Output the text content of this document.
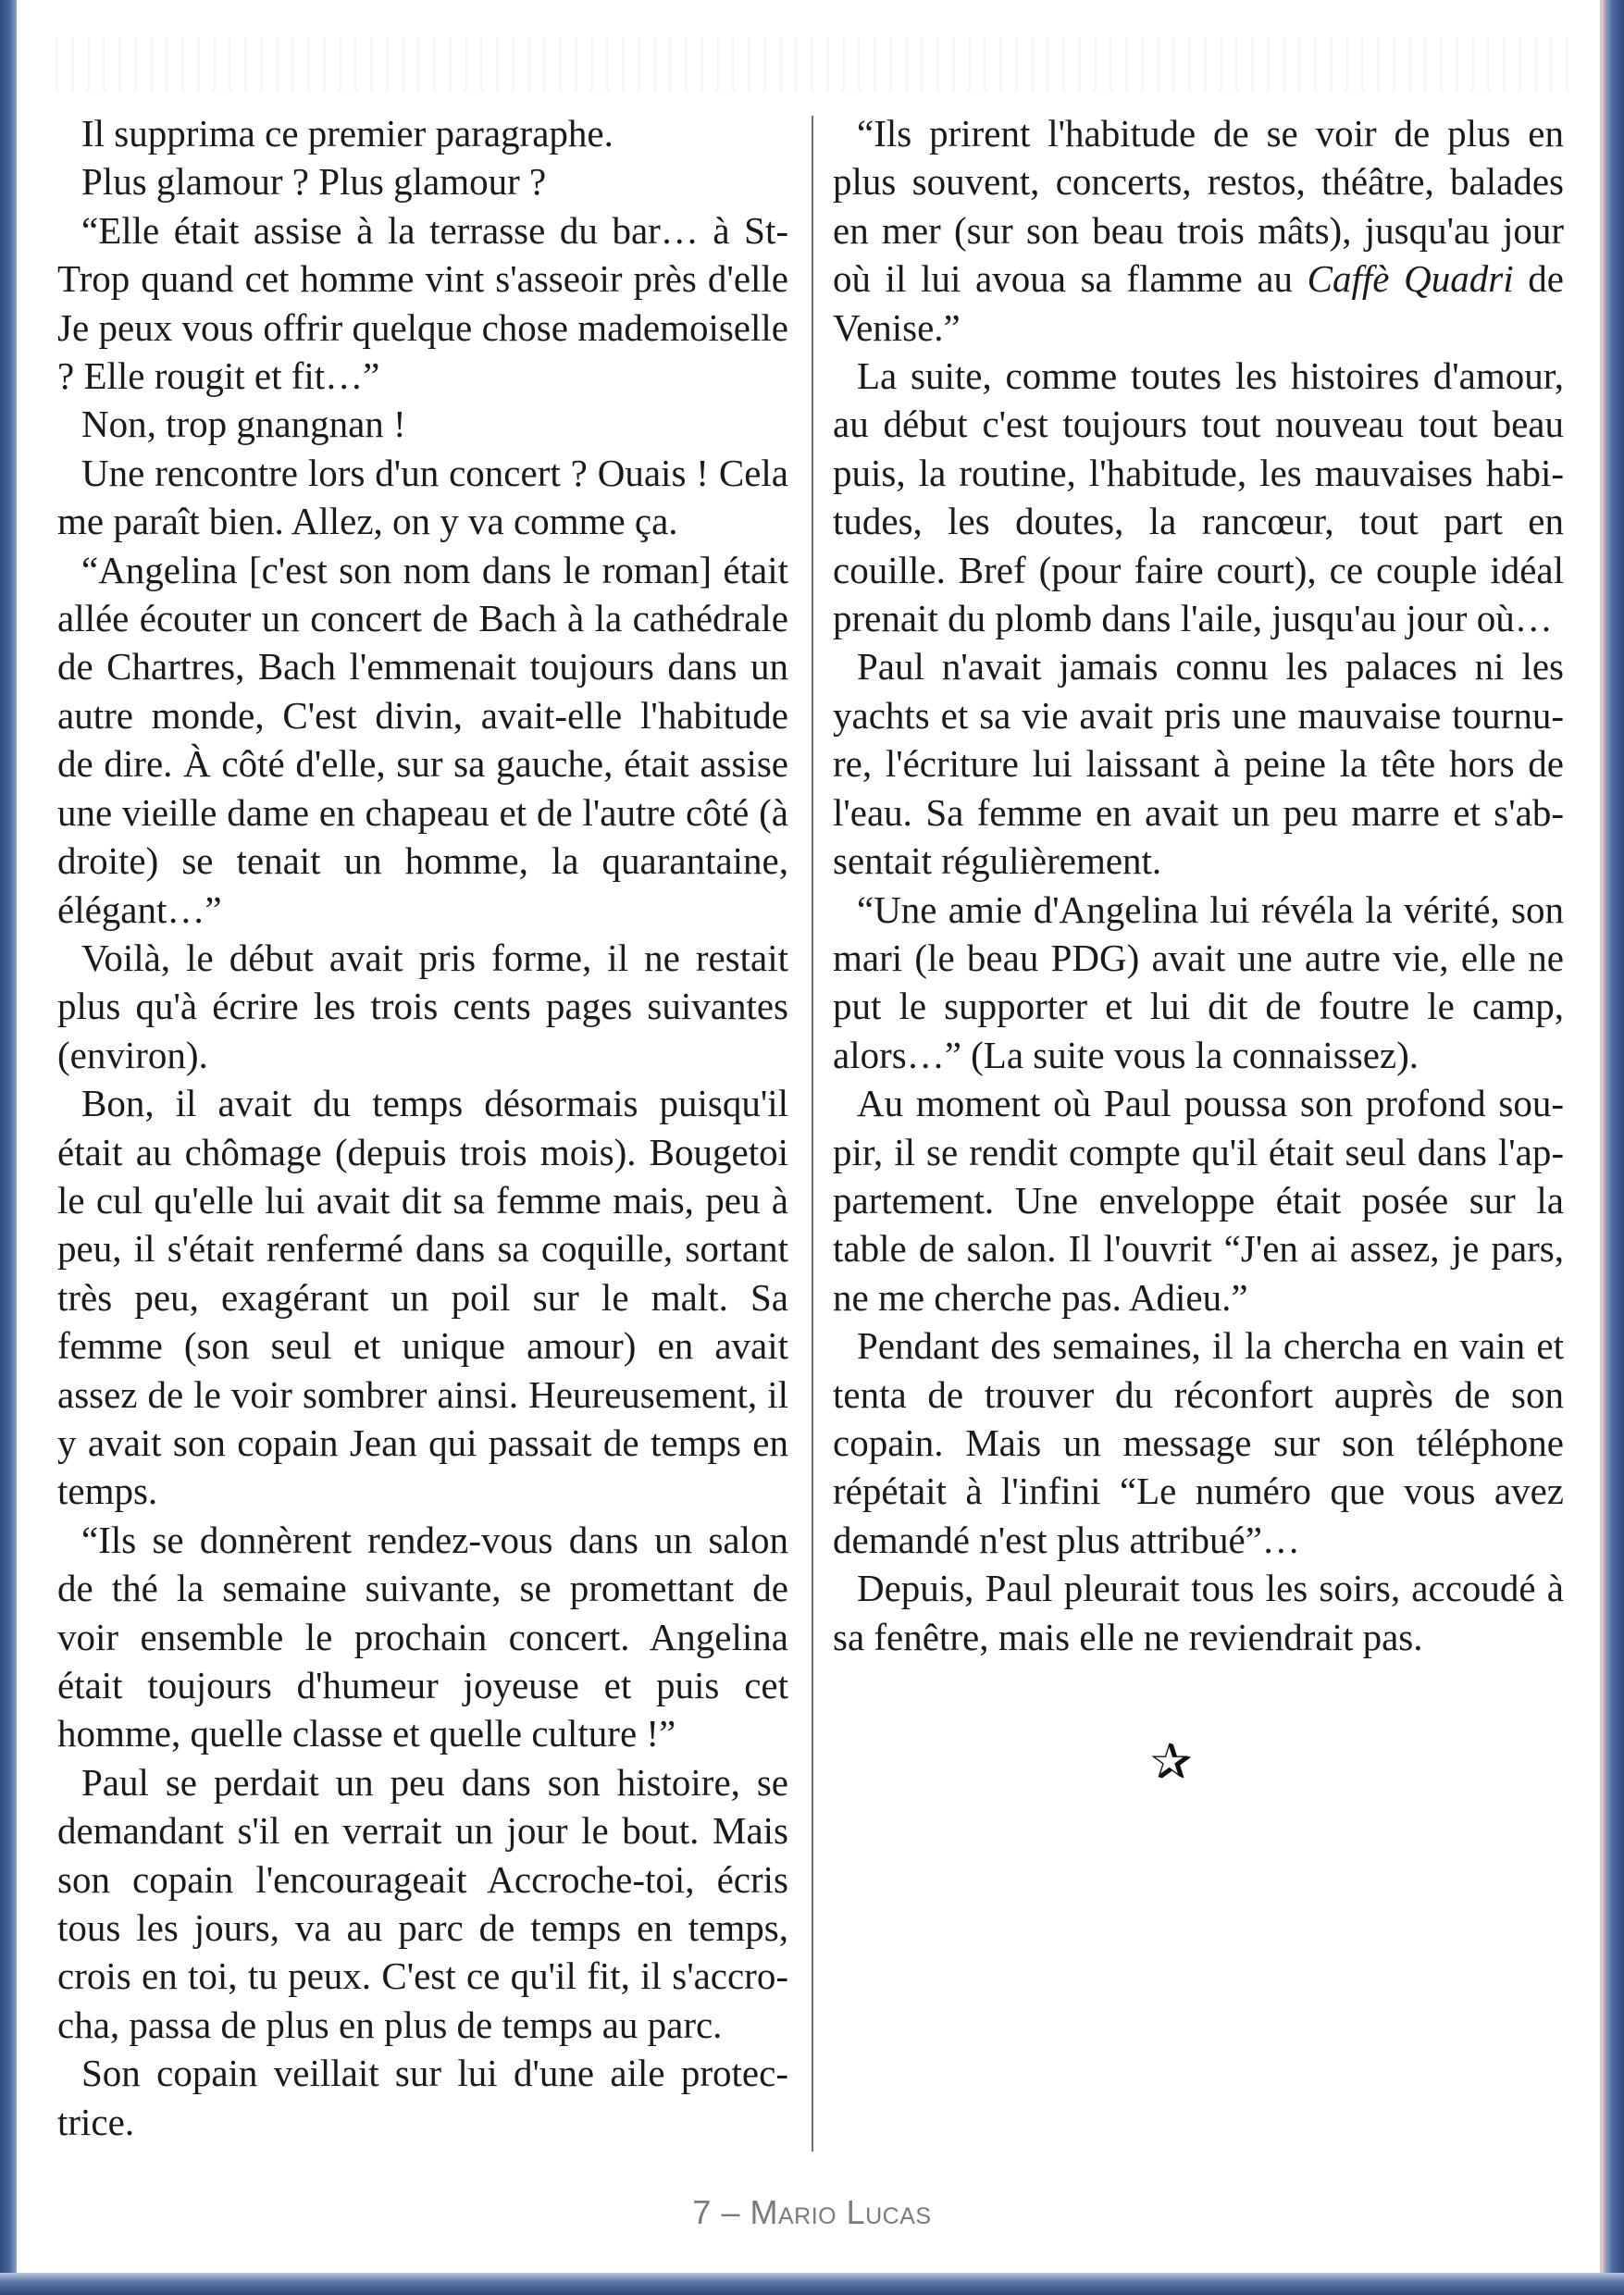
Il supprima ce premier paragraphe.

Plus glamour ? Plus glamour ?

“Elle était assise à la terrasse du bar… à St-Trop quand cet homme vint s'asseoir près d'elle Je peux vous offrir quelque chose mademoiselle ? Elle rougit et fit…”

Non, trop gnangnan !

Une rencontre lors d'un concert ? Ouais ! Cela me paraît bien. Allez, on y va comme ça.

“Angelina [c'est son nom dans le roman] était allée écouter un concert de Bach à la cathédrale de Chartres, Bach l'emmenait toujours dans un autre monde, C'est divin, avait-elle l'habitude de dire. À côté d'elle, sur sa gauche, était assise une vieille dame en chapeau et de l'autre côté (à droite) se tenait un homme, la quarantaine, élégant…”

Voilà, le début avait pris forme, il ne restait plus qu'à écrire les trois cents pages suivantes (environ).

Bon, il avait du temps désormais puisqu'il était au chômage (depuis trois mois). Bougetoi le cul qu'elle lui avait dit sa femme mais, peu à peu, il s'était renfermé dans sa coquille, sortant très peu, exagérant un poil sur le malt. Sa femme (son seul et unique amour) en avait assez de le voir sombrer ainsi. Heureusement, il y avait son copain Jean qui passait de temps en temps.

“Ils se donnèrent rendez-vous dans un salon de thé la semaine suivante, se promettant de voir ensemble le prochain concert. Angelina était toujours d'humeur joyeuse et puis cet homme, quelle classe et quelle culture !”

Paul se perdait un peu dans son histoire, se demandant s'il en verrait un jour le bout. Mais son copain l'encourageait Accroche-toi, écris tous les jours, va au parc de temps en temps, crois en toi, tu peux. C'est ce qu'il fit, il s'accrocha, passa de plus en plus de temps au parc.

Son copain veillait sur lui d'une aile protectrice.

“Ils prirent l'habitude de se voir de plus en plus souvent, concerts, restos, théâtre, balades en mer (sur son beau trois mâts), jusqu'au jour où il lui avoua sa flamme au Caffè Quadri de Venise.”

La suite, comme toutes les histoires d'amour, au début c'est toujours tout nouveau tout beau puis, la routine, l'habitude, les mauvaises habitudes, les doutes, la rancœur, tout part en couille. Bref (pour faire court), ce couple idéal prenait du plomb dans l'aile, jusqu'au jour où…

Paul n'avait jamais connu les palaces ni les yachts et sa vie avait pris une mauvaise tournure, l'écriture lui laissant à peine la tête hors de l'eau. Sa femme en avait un peu marre et s'absentait régulièrement.

“Une amie d'Angelina lui révéla la vérité, son mari (le beau PDG) avait une autre vie, elle ne put le supporter et lui dit de foutre le camp, alors…” (La suite vous la connaissez).

Au moment où Paul poussa son profond soupir, il se rendit compte qu'il était seul dans l'appartement. Une enveloppe était posée sur la table de salon. Il l'ouvrit “J'en ai assez, je pars, ne me cherche pas. Adieu.”

Pendant des semaines, il la chercha en vain et tenta de trouver du réconfort auprès de son copain. Mais un message sur son téléphone répétait à l'infini “Le numéro que vous avez demandé n'est plus attribué”…

Depuis, Paul pleurait tous les soirs, accoudé à sa fenêtre, mais elle ne reviendrait pas.

✰
7 – Mario Lucas
